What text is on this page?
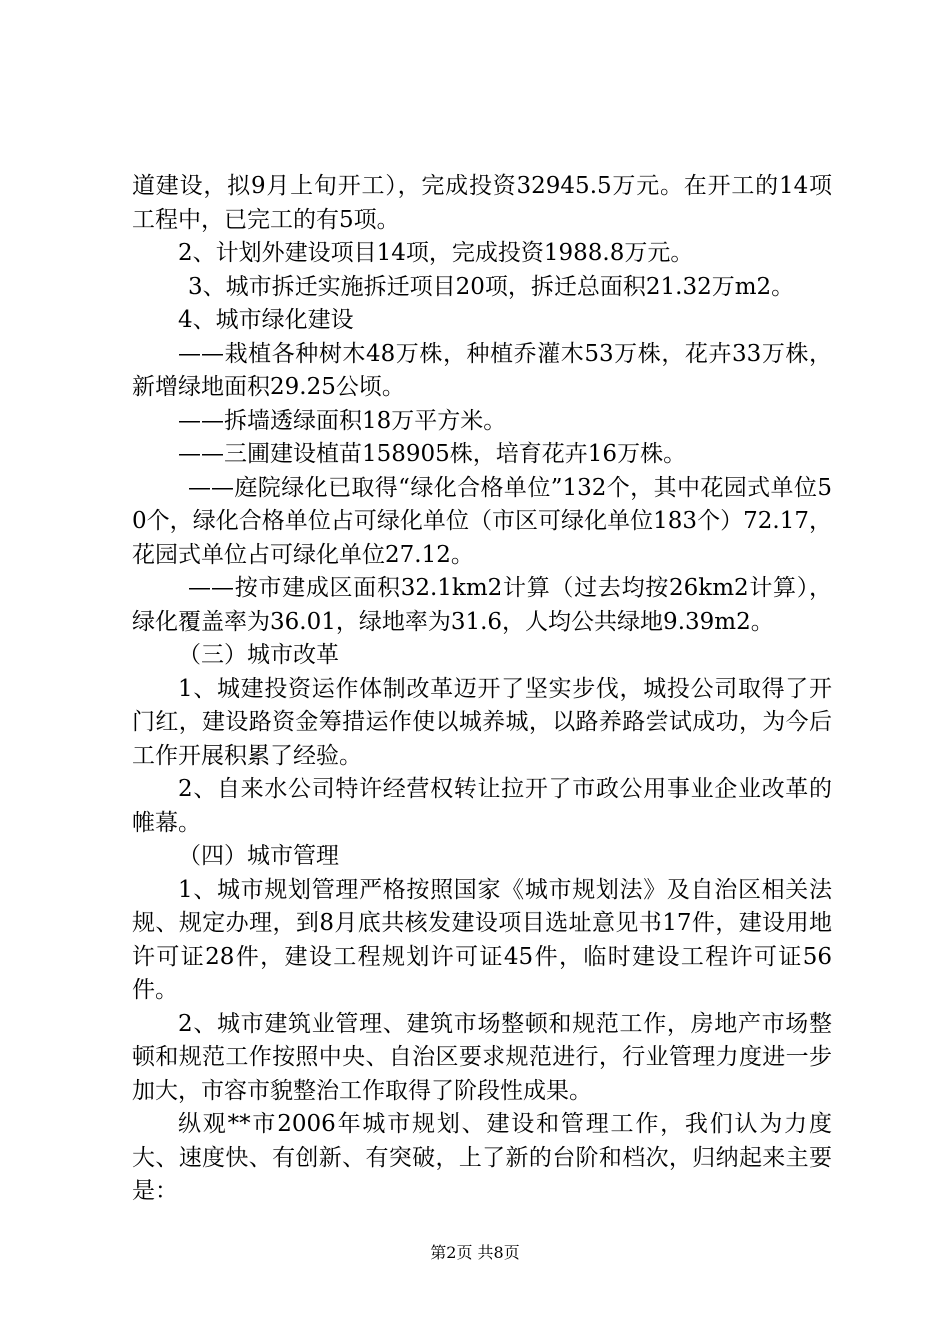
道建设，拟9月上旬开工），完成投资32945.5万元。在开工的14项工程中，已完工的有5项。

2、计划外建设项目14项，完成投资1988.8万元。

3、城市拆迁实施拆迁项目20项，拆迁总面积21.32万m2。

4、城市绿化建设

——栽植各种树木48万株，种植乔灌木53万株，花卉33万株，新增绿地面积29.25公顷。

——拆墙透绿面积18万平方米。

——三圃建设植苗158905株，培育花卉16万株。

——庭院绿化已取得“绿化合格单位”132个，其中花园式单位50个，绿化合格单位占可绿化单位（市区可绿化单位183个）72.17，花园式单位占可绿化单位27.12。

——按市建成区面积32.1km2计算（过去均按26km2计算），绿化覆盖率为36.01，绿地率为31.6，人均公共绿地9.39m2。

（三）城市改革

1、城建投资运作体制改革迈开了坚实步伐，城投公司取得了开门红，建设路资金筹措运作使以城养城，以路养路尝试成功，为今后工作开展积累了经验。

2、自来水公司特许经营权转让拉开了市政公用事业企业改革的帷幕。

（四）城市管理

1、城市规划管理严格按照国家《城市规划法》及自治区相关法规、规定办理，到8月底共核发建设项目选址意见书17件，建设用地许可证28件，建设工程规划许可证45件，临时建设工程许可证56件。

2、城市建筑业管理、建筑市场整顿和规范工作，房地产市场整顿和规范工作按照中央、自治区要求规范进行，行业管理力度进一步加大，市容市貌整治工作取得了阶段性成果。

纵观**市2006年城市规划、建设和管理工作，我们认为力度大、速度快、有创新、有突破，上了新的台阶和档次，归纳起来主要是：

第2页 共8页
